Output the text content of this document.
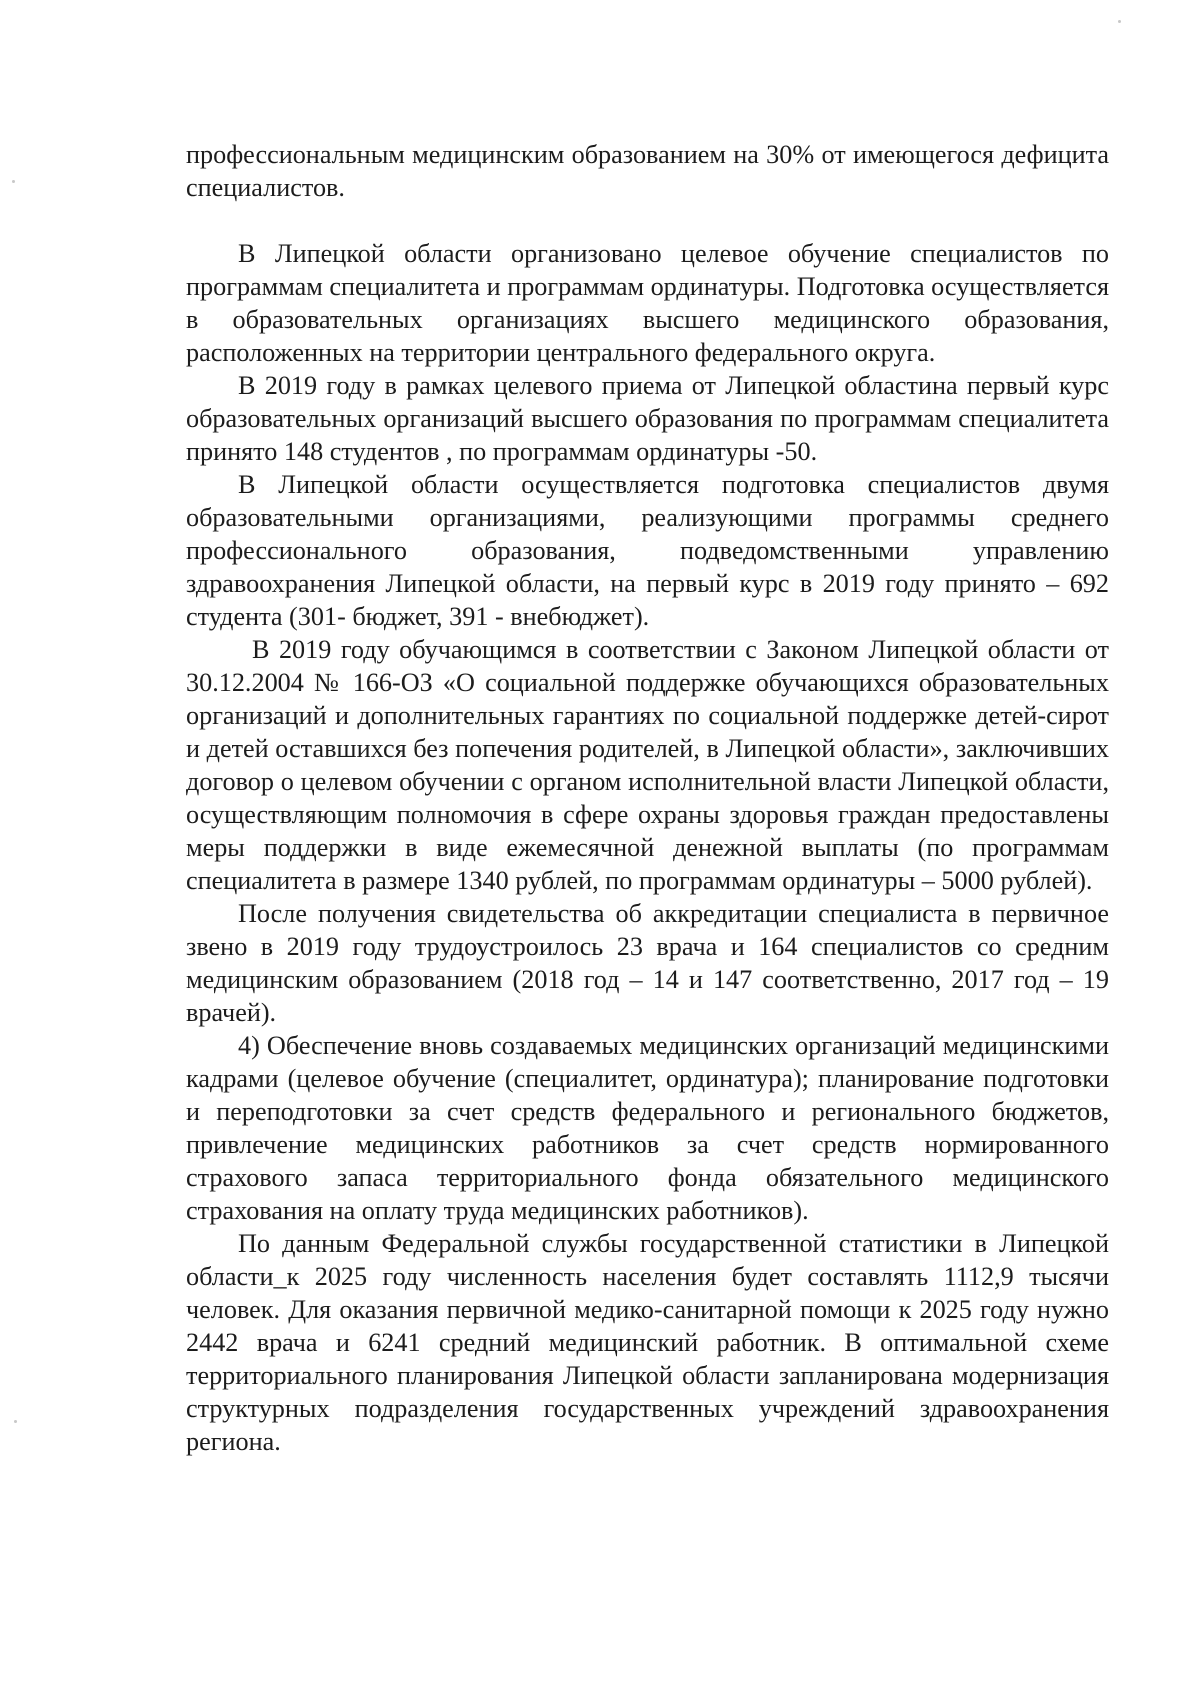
профессиональным медицинским образованием на 30% от имеющегося дефицита специалистов.

В Липецкой области организовано целевое обучение специалистов по программам специалитета и программам ординатуры. Подготовка осуществляется в образовательных организациях высшего медицинского образования, расположенных на территории центрального федерального округа.

В 2019 году в рамках целевого приема от Липецкой областина первый курс образовательных организаций высшего образования по программам специалитета принято 148 студентов , по программам ординатуры -50.

В Липецкой области осуществляется подготовка специалистов двумя образовательными организациями, реализующими программы среднего профессионального образования, подведомственными управлению здравоохранения Липецкой области, на первый курс в 2019 году принято – 692 студента (301- бюджет, 391 - внебюджет).

В 2019 году обучающимся в соответствии с Законом Липецкой области от 30.12.2004 № 166-ОЗ «О социальной поддержке обучающихся образовательных организаций и дополнительных гарантиях по социальной поддержке детей-сирот и детей оставшихся без попечения родителей, в Липецкой области», заключивших договор о целевом обучении с органом исполнительной власти Липецкой области, осуществляющим полномочия в сфере охраны здоровья граждан предоставлены меры поддержки в виде ежемесячной денежной выплаты (по программам специалитета в размере 1340 рублей, по программам ординатуры – 5000 рублей).

После получения свидетельства об аккредитации специалиста в первичное звено в 2019 году трудоустроилось 23 врача и 164 специалистов со средним медицинским образованием (2018 год – 14 и 147 соответственно, 2017 год – 19 врачей).

4) Обеспечение вновь создаваемых медицинских организаций медицинскими кадрами (целевое обучение (специалитет, ординатура); планирование подготовки и переподготовки за счет средств федерального и регионального бюджетов, привлечение медицинских работников за счет средств нормированного страхового запаса территориального фонда обязательного медицинского страхования на оплату труда медицинских работников).

По данным Федеральной службы государственной статистики в Липецкой области_к 2025 году численность населения будет составлять 1112,9 тысячи человек. Для оказания первичной медико-санитарной помощи к 2025 году нужно 2442 врача и 6241 средний медицинский работник. В оптимальной схеме территориального планирования Липецкой области запланирована модернизация структурных подразделения государственных учреждений здравоохранения региона.
